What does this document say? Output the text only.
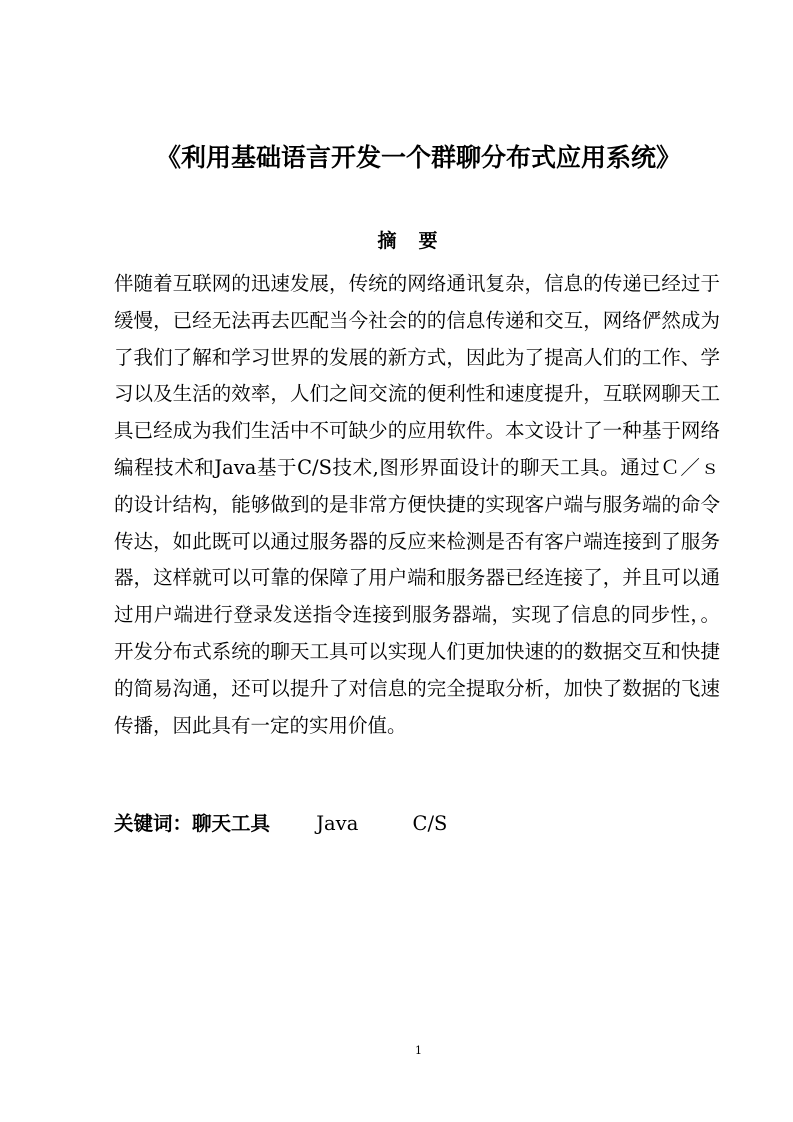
《利用基础语言开发一个群聊分布式应用系统》
摘要

伴随着互联网的迅速发展，传统的网络通讯复杂，信息的传递已经过于缓慢，已经无法再去匹配当今社会的的信息传递和交互，网络俨然成为了我们了解和学习世界的发展的新方式，因此为了提高人们的工作、学习以及生活的效率，人们之间交流的便利性和速度提升，互联网聊天工具已经成为我们生活中不可缺少的应用软件。本文设计了一种基于网络编程技术和Java基于C/S技术,图形界面设计的聊天工具。通过Ｃ／ｓ的设计结构，能够做到的是非常方便快捷的实现客户端与服务端的命令传达，如此既可以通过服务器的反应来检测是否有客户端连接到了服务器，这样就可以可靠的保障了用户端和服务器已经连接了，并且可以通过用户端进行登录发送指令连接到服务器端，实现了信息的同步性，。开发分布式系统的聊天工具可以实现人们更加快速的的数据交互和快捷的简易沟通，还可以提升了对信息的完全提取分析，加快了数据的飞速传播，因此具有一定的实用价值。

关键词：聊天工具 Java	C/S
1
